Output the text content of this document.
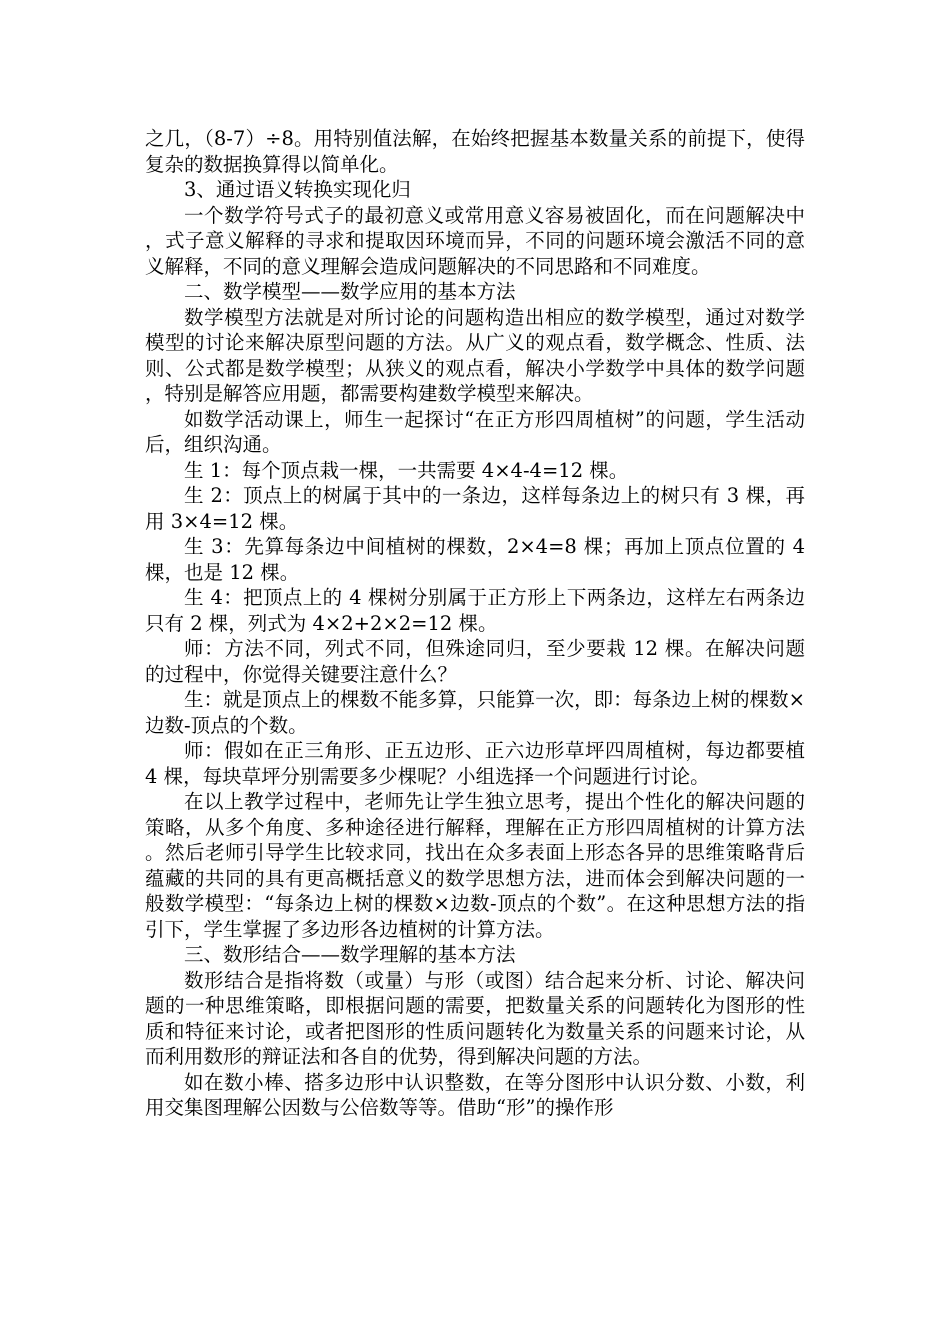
之几，（8-7）÷8。用特别值法解，在始终把握基本数量关系的前提下，使得复杂的数据换算得以简单化。

3、通过语义转换实现化归

一个数学符号式子的最初意义或常用意义容易被固化，而在问题解决中，式子意义解释的寻求和提取因环境而异，不同的问题环境会激活不同的意义解释，不同的意义理解会造成问题解决的不同思路和不同难度。

二、数学模型——数学应用的基本方法

数学模型方法就是对所讨论的问题构造出相应的数学模型，通过对数学模型的讨论来解决原型问题的方法。从广义的观点看，数学概念、性质、法则、公式都是数学模型；从狭义的观点看，解决小学数学中具体的数学问题，特别是解答应用题，都需要构建数学模型来解决。

如数学活动课上，师生一起探讨“在正方形四周植树”的问题，学生活动后，组织沟通。

生 1：每个顶点栽一棵，一共需要 4×4-4=12 棵。

生 2：顶点上的树属于其中的一条边，这样每条边上的树只有 3 棵，再用 3×4=12 棵。

生 3：先算每条边中间植树的棵数，2×4=8 棵；再加上顶点位置的 4 棵，也是 12 棵。

生 4：把顶点上的 4 棵树分别属于正方形上下两条边，这样左右两条边只有 2 棵，列式为 4×2+2×2=12 棵。

师：方法不同，列式不同，但殊途同归，至少要栽 12 棵。在解决问题的过程中，你觉得关键要注意什么？

生：就是顶点上的棵数不能多算，只能算一次，即：每条边上树的棵数×边数-顶点的个数。

师：假如在正三角形、正五边形、正六边形草坪四周植树，每边都要植 4 棵，每块草坪分别需要多少棵呢？小组选择一个问题进行讨论。

在以上教学过程中，老师先让学生独立思考，提出个性化的解决问题的策略，从多个角度、多种途径进行解释，理解在正方形四周植树的计算方法。然后老师引导学生比较求同，找出在众多表面上形态各异的思维策略背后蕴藏的共同的具有更高概括意义的数学思想方法，进而体会到解决问题的一般数学模型：“每条边上树的棵数×边数-顶点的个数”。在这种思想方法的指引下，学生掌握了多边形各边植树的计算方法。

三、数形结合——数学理解的基本方法

数形结合是指将数（或量）与形（或图）结合起来分析、讨论、解决问题的一种思维策略，即根据问题的需要，把数量关系的问题转化为图形的性质和特征来讨论，或者把图形的性质问题转化为数量关系的问题来讨论，从而利用数形的辩证法和各自的优势，得到解决问题的方法。

如在数小棒、搭多边形中认识整数，在等分图形中认识分数、小数，利用交集图理解公因数与公倍数等等。借助“形”的操作形
